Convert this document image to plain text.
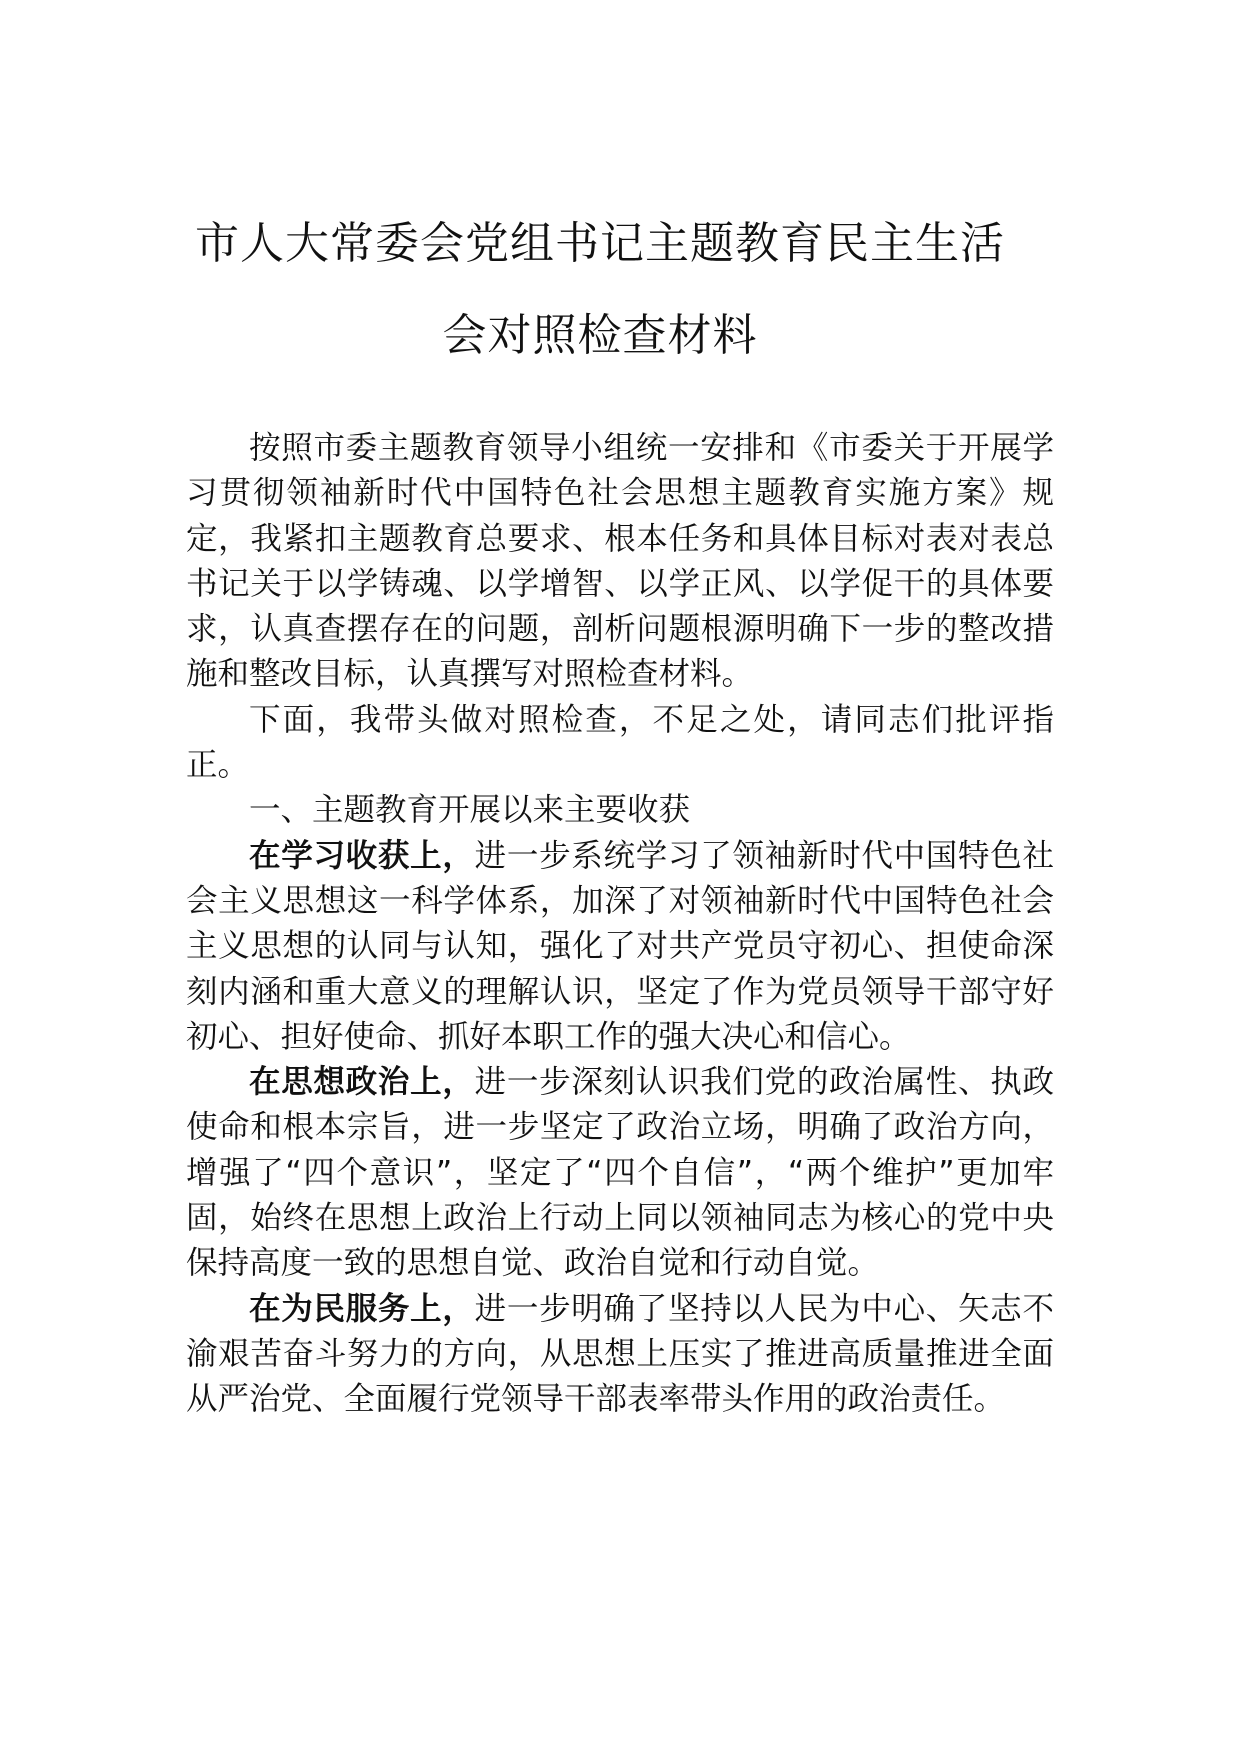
市人大常委会党组书记主题教育民主生活
会对照检查材料

按照市委主题教育领导小组统一安排和《市委关于开展学习贯彻领袖新时代中国特色社会思想主题教育实施方案》规定，我紧扣主题教育总要求、根本任务和具体目标对表对表总书记关于以学铸魂、以学增智、以学正风、以学促干的具体要求，认真查摆存在的问题，剖析问题根源明确下一步的整改措施和整改目标，认真撰写对照检查材料。

下面，我带头做对照检查，不足之处，请同志们批评指正。

一、主题教育开展以来主要收获

在学习收获上，进一步系统学习了领袖新时代中国特色社会主义思想这一科学体系，加深了对领袖新时代中国特色社会主义思想的认同与认知，强化了对共产党员守初心、担使命深刻内涵和重大意义的理解认识，坚定了作为党员领导干部守好初心、担好使命、抓好本职工作的强大决心和信心。

在思想政治上，进一步深刻认识我们党的政治属性、执政使命和根本宗旨，进一步坚定了政治立场，明确了政治方向，增强了“四个意识”，坚定了“四个自信”，“两个维护”更加牢固，始终在思想上政治上行动上同以领袖同志为核心的党中央保持高度一致的思想自觉、政治自觉和行动自觉。

在为民服务上，进一步明确了坚持以人民为中心、矢志不渝艰苦奋斗努力的方向，从思想上压实了推进高质量推进全面从严治党、全面履行党领导干部表率带头作用的政治责任。
